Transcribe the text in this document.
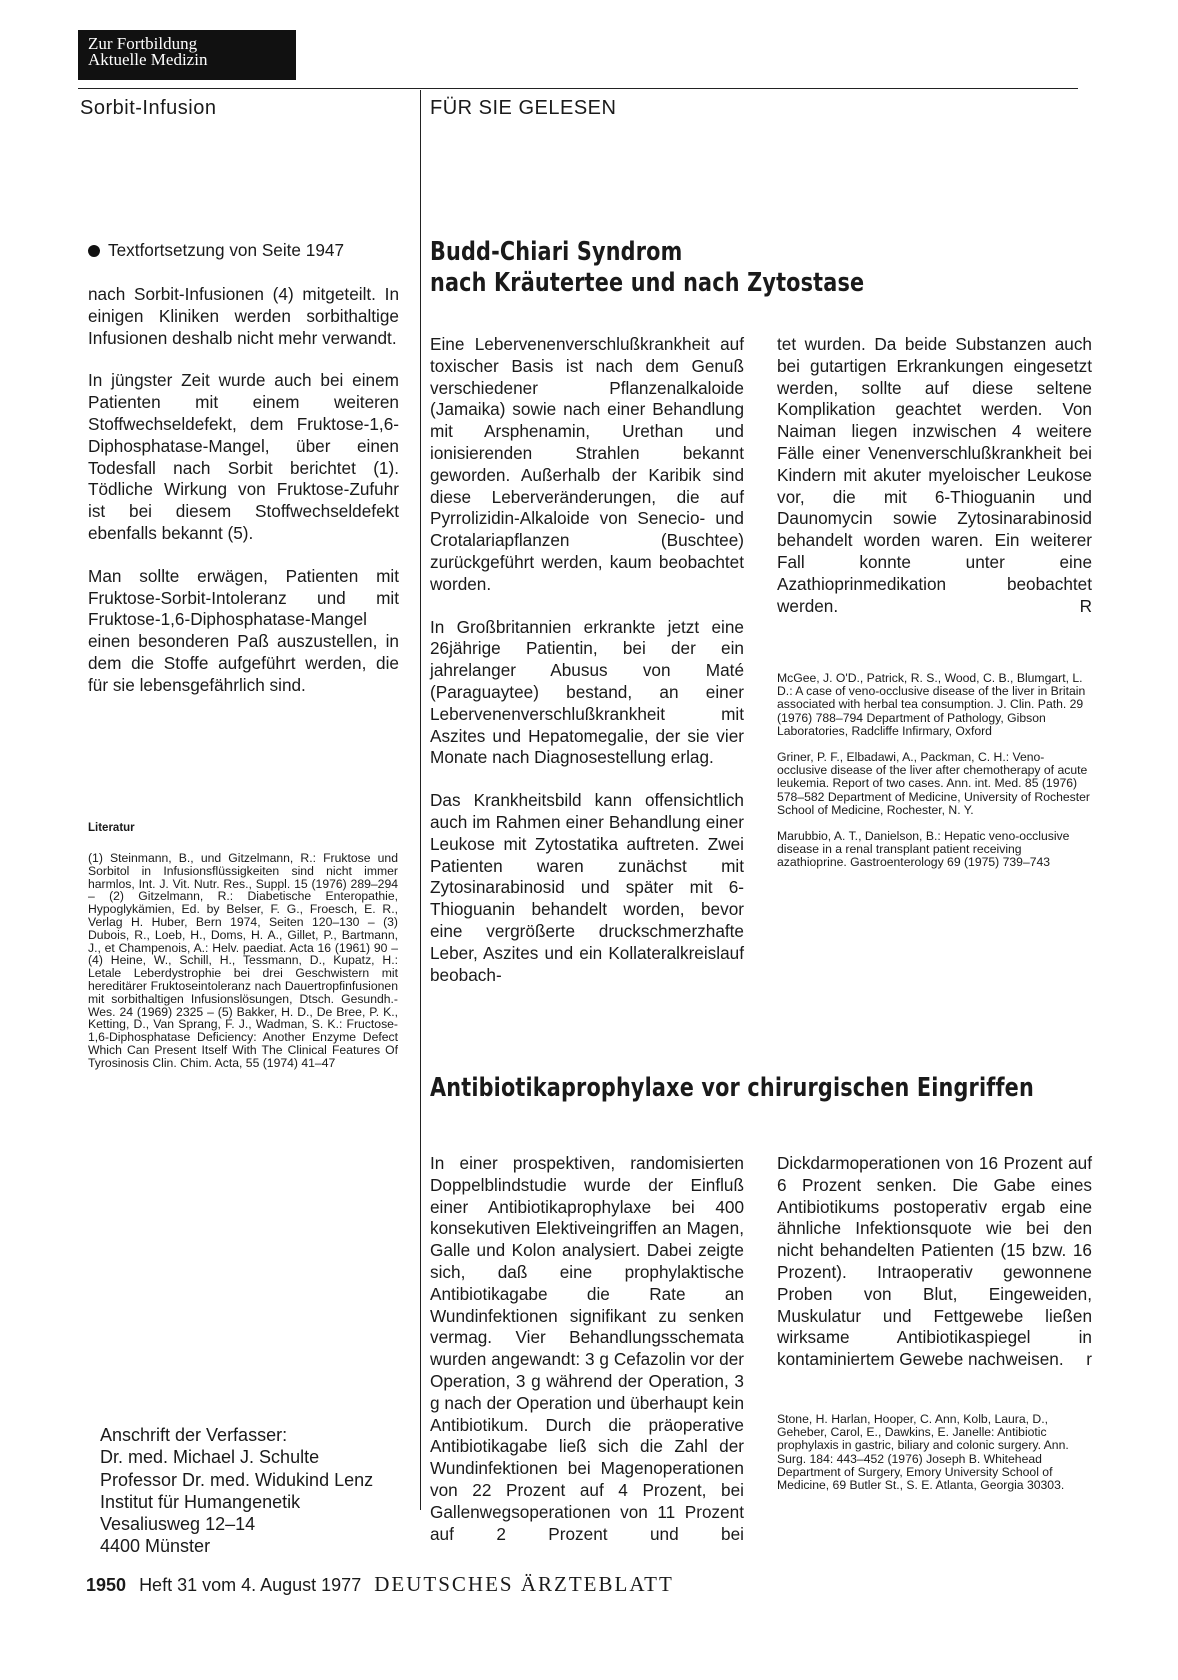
Zur Fortbildung
Aktuelle Medizin
Sorbit-Infusion	FÜR SIE GELESEN
Textfortsetzung von Seite 1947

nach Sorbit-Infusionen (4) mitgeteilt. In einigen Kliniken werden sorbithaltige Infusionen deshalb nicht mehr verwandt.

In jüngster Zeit wurde auch bei einem Patienten mit einem weiteren Stoffwechseldefekt, dem Fruktose-1,6-Diphosphatase-Mangel, über einen Todesfall nach Sorbit berichtet (1). Tödliche Wirkung von Fruktose-Zufuhr ist bei diesem Stoffwechseldefekt ebenfalls bekannt (5).

Man sollte erwägen, Patienten mit Fruktose-Sorbit-Intoleranz und mit Fruktose-1,6-Diphosphatase-Mangel einen besonderen Paß auszustellen, in dem die Stoffe aufgeführt werden, die für sie lebensgefährlich sind.

Literatur
(1) Steinmann, B., und Gitzelmann, R.: Fruktose und Sorbitol in Infusionsflüssigkeiten sind nicht immer harmlos, Int. J. Vit. Nutr. Res., Suppl. 15 (1976) 289–294 – (2) Gitzelmann, R.: Diabetische Enteropathie, Hypoglykämien, Ed. by Belser, F. G., Froesch, E. R., Verlag H. Huber, Bern 1974, Seiten 120–130 – (3) Dubois, R., Loeb, H., Doms, H. A., Gillet, P., Bartmann, J., et Champenois, A.: Helv. paediat. Acta 16 (1961) 90 – (4) Heine, W., Schill, H., Tessmann, D., Kupatz, H.: Letale Leberdystrophie bei drei Geschwistern mit hereditärer Fruktoseintoleranz nach Dauertropfinfusionen mit sorbithaltigen Infusionslösungen, Dtsch. Gesundh.-Wes. 24 (1969) 2325 – (5) Bakker, H. D., De Bree, P. K., Ketting, D., Van Sprang, F. J., Wadman, S. K.: Fructose-1,6-Diphosphatase Deficiency: Another Enzyme Defect Which Can Present Itself With The Clinical Features Of Tyrosinosis Clin. Chim. Acta, 55 (1974) 41–47
Anschrift der Verfasser:
Dr. med. Michael J. Schulte
Professor Dr. med. Widukind Lenz
Institut für Humangenetik
Vesaliusweg 12–14
4400 Münster
Budd-Chiari Syndrom
nach Kräutertee und nach Zytostase

Eine Lebervenenverschlußkrankheit auf toxischer Basis ist nach dem Genuß verschiedener Pflanzenalkaloide (Jamaika) sowie nach einer Behandlung mit Arsphenamin, Urethan und ionisierenden Strahlen bekannt geworden. Außerhalb der Karibik sind diese Leberveränderungen, die auf Pyrrolizidin-Alkaloide von Senecio- und Crotalariapflanzen (Buschtee) zurückgeführt werden, kaum beobachtet worden.

In Großbritannien erkrankte jetzt eine 26jährige Patientin, bei der ein jahrelanger Abusus von Maté (Paraguaytee) bestand, an einer Lebervenenverschlußkrankheit mit Aszites und Hepatomegalie, der sie vier Monate nach Diagnosestellung erlag.

Das Krankheitsbild kann offensichtlich auch im Rahmen einer Behandlung einer Leukose mit Zytostatika auftreten. Zwei Patienten waren zunächst mit Zytosinarabinosid und später mit 6-Thioguanin behandelt worden, bevor eine vergrößerte druckschmerzhafte Leber, Aszites und ein Kollateralkreislauf beobach-

tet wurden. Da beide Substanzen auch bei gutartigen Erkrankungen eingesetzt werden, sollte auf diese seltene Komplikation geachtet werden. Von Naiman liegen inzwischen 4 weitere Fälle einer Venenverschlußkrankheit bei Kindern mit akuter myeloischer Leukose vor, die mit 6-Thioguanin und Daunomycin sowie Zytosinarabinosid behandelt worden waren. Ein weiterer Fall konnte unter eine Azathioprinmedikation beobachtet werden.	R

McGee, J. O'D., Patrick, R. S., Wood, C. B., Blumgart, L. D.: A case of veno-occlusive disease of the liver in Britain associated with herbal tea consumption. J. Clin. Path. 29 (1976) 788–794 Department of Pathology, Gibson Laboratories, Radcliffe Infirmary, Oxford
Griner, P. F., Elbadawi, A., Packman, C. H.: Veno-occlusive disease of the liver after chemotherapy of acute leukemia. Report of two cases. Ann. int. Med. 85 (1976) 578–582 Department of Medicine, University of Rochester School of Medicine, Rochester, N. Y.
Marubbio, A. T., Danielson, B.: Hepatic veno-occlusive disease in a renal transplant patient receiving azathioprine. Gastroenterology 69 (1975) 739–743
Antibiotikaprophylaxe vor chirurgischen Eingriffen

In einer prospektiven, randomisierten Doppelblindstudie wurde der Einfluß einer Antibiotikaprophylaxe bei 400 konsekutiven Elektiveingriffen an Magen, Galle und Kolon analysiert. Dabei zeigte sich, daß eine prophylaktische Antibiotikagabe die Rate an Wundinfektionen signifikant zu senken vermag. Vier Behandlungsschemata wurden angewandt: 3 g Cefazolin vor der Operation, 3 g während der Operation, 3 g nach der Operation und überhaupt kein Antibiotikum. Durch die präoperative Antibiotikagabe ließ sich die Zahl der Wundinfektionen bei Magenoperationen von 22 Prozent auf 4 Prozent, bei Gallenwegsoperationen von 11 Prozent auf 2 Prozent und bei

Dickdarmoperationen von 16 Prozent auf 6 Prozent senken. Die Gabe eines Antibiotikums postoperativ ergab eine ähnliche Infektionsquote wie bei den nicht behandelten Patienten (15 bzw. 16 Prozent). Intraoperativ gewonnene Proben von Blut, Eingeweiden, Muskulatur und Fettgewebe ließen wirksame Antibiotikaspiegel in kontaminiertem Gewebe nachweisen. r

Stone, H. Harlan, Hooper, C. Ann, Kolb, Laura, D., Geheber, Carol, E., Dawkins, E. Janelle: Antibiotic prophylaxis in gastric, biliary and colonic surgery. Ann. Surg. 184: 443–452 (1976) Joseph B. Whitehead Department of Surgery, Emory University School of Medicine, 69 Butler St., S. E. Atlanta, Georgia 30303.
1950 Heft 31 vom 4. August 1977 DEUTSCHES ÄRZTEBLATT
